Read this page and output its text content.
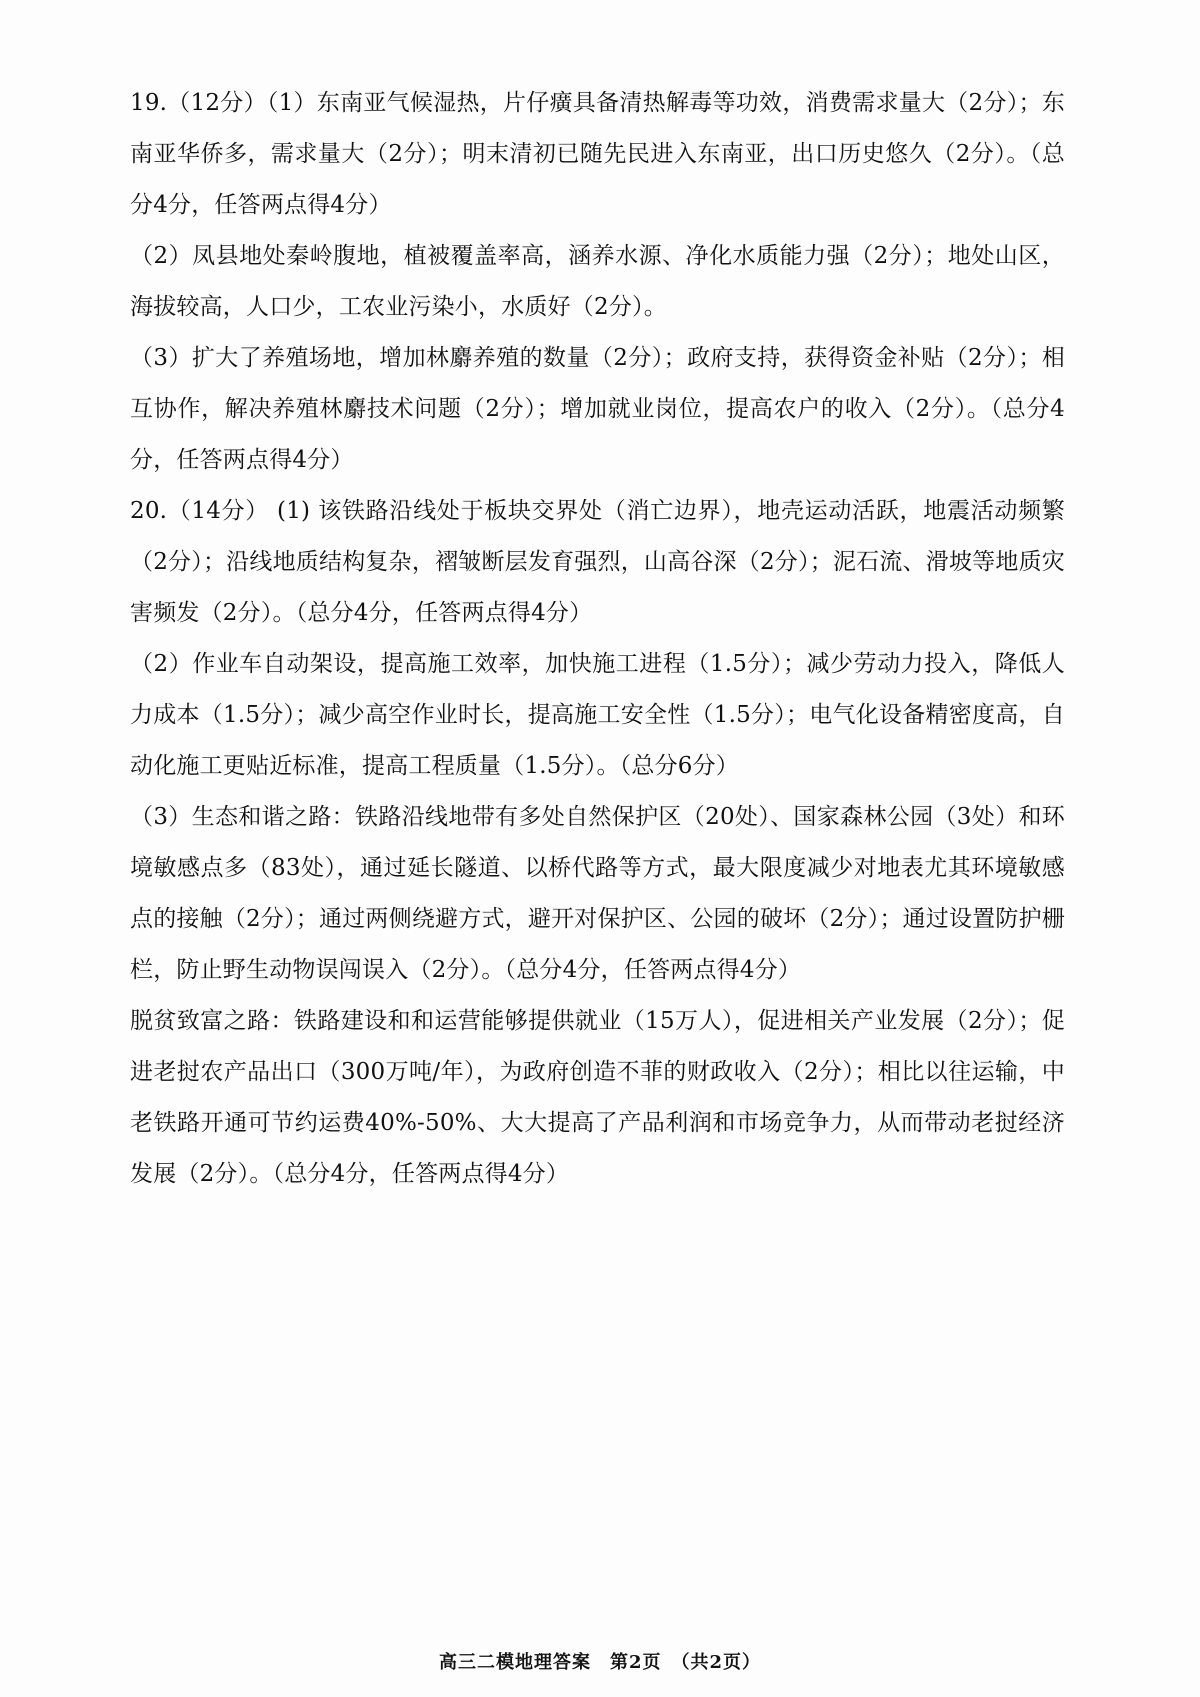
19.（12分）（1）东南亚气候湿热，片仔癀具备清热解毒等功效，消费需求量大（2分）；东南亚华侨多，需求量大（2分）；明末清初已随先民进入东南亚，出口历史悠久（2分）。（总分4分，任答两点得4分）

（2）凤县地处秦岭腹地，植被覆盖率高，涵养水源、净化水质能力强（2分）；地处山区，海拔较高，人口少，工农业污染小，水质好（2分）。

（3）扩大了养殖场地，增加林麝养殖的数量（2分）；政府支持，获得资金补贴（2分）；相互协作，解决养殖林麝技术问题（2分）；增加就业岗位，提高农户的收入（2分）。（总分4分，任答两点得4分）

20.（14分） (1) 该铁路沿线处于板块交界处（消亡边界），地壳运动活跃，地震活动频繁（2分）；沿线地质结构复杂，褶皱断层发育强烈，山高谷深（2分）；泥石流、滑坡等地质灾害频发（2分）。（总分4分，任答两点得4分）

（2）作业车自动架设，提高施工效率，加快施工进程（1.5分）；减少劳动力投入，降低人力成本（1.5分）；减少高空作业时长，提高施工安全性（1.5分）；电气化设备精密度高，自动化施工更贴近标准，提高工程质量（1.5分）。（总分6分）

（3）生态和谐之路：铁路沿线地带有多处自然保护区（20处）、国家森林公园（3处）和环境敏感点多（83处），通过延长隧道、以桥代路等方式，最大限度减少对地表尤其环境敏感点的接触（2分）；通过两侧绕避方式，避开对保护区、公园的破坏（2分）；通过设置防护栅栏，防止野生动物误闯误入（2分）。（总分4分，任答两点得4分）

脱贫致富之路：铁路建设和和运营能够提供就业（15万人），促进相关产业发展（2分）；促进老挝农产品出口（300万吨/年），为政府创造不菲的财政收入（2分）；相比以往运输，中老铁路开通可节约运费40%-50%、大大提高了产品利润和市场竞争力，从而带动老挝经济发展（2分）。（总分4分，任答两点得4分）

高三二模地理答案　第2页　（共2页）
